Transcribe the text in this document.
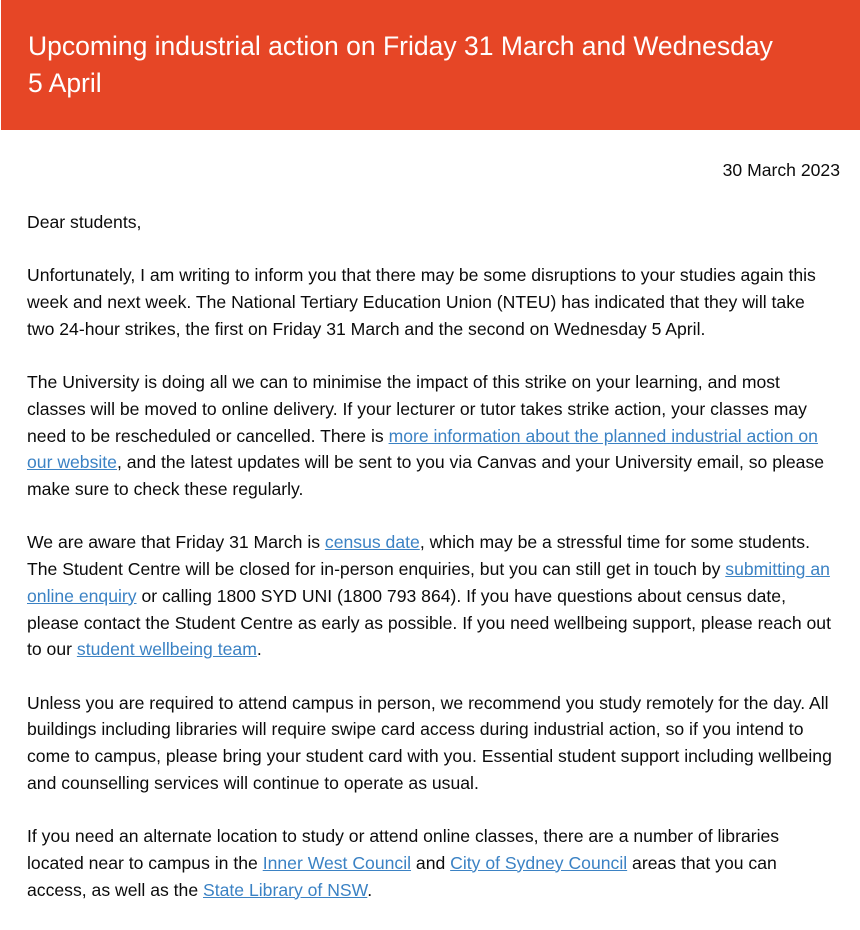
Upcoming industrial action on Friday 31 March and Wednesday 5 April
30 March 2023

Dear students,

Unfortunately, I am writing to inform you that there may be some disruptions to your studies again this week and next week. The National Tertiary Education Union (NTEU) has indicated that they will take two 24-hour strikes, the first on Friday 31 March and the second on Wednesday 5 April.

The University is doing all we can to minimise the impact of this strike on your learning, and most classes will be moved to online delivery. If your lecturer or tutor takes strike action, your classes may need to be rescheduled or cancelled. There is more information about the planned industrial action on our website, and the latest updates will be sent to you via Canvas and your University email, so please make sure to check these regularly.

We are aware that Friday 31 March is census date, which may be a stressful time for some students. The Student Centre will be closed for in-person enquiries, but you can still get in touch by submitting an online enquiry or calling 1800 SYD UNI (1800 793 864). If you have questions about census date, please contact the Student Centre as early as possible. If you need wellbeing support, please reach out to our student wellbeing team.

Unless you are required to attend campus in person, we recommend you study remotely for the day. All buildings including libraries will require swipe card access during industrial action, so if you intend to come to campus, please bring your student card with you. Essential student support including wellbeing and counselling services will continue to operate as usual.

If you need an alternate location to study or attend online classes, there are a number of libraries located near to campus in the Inner West Council and City of Sydney Council areas that you can access, as well as the State Library of NSW.
